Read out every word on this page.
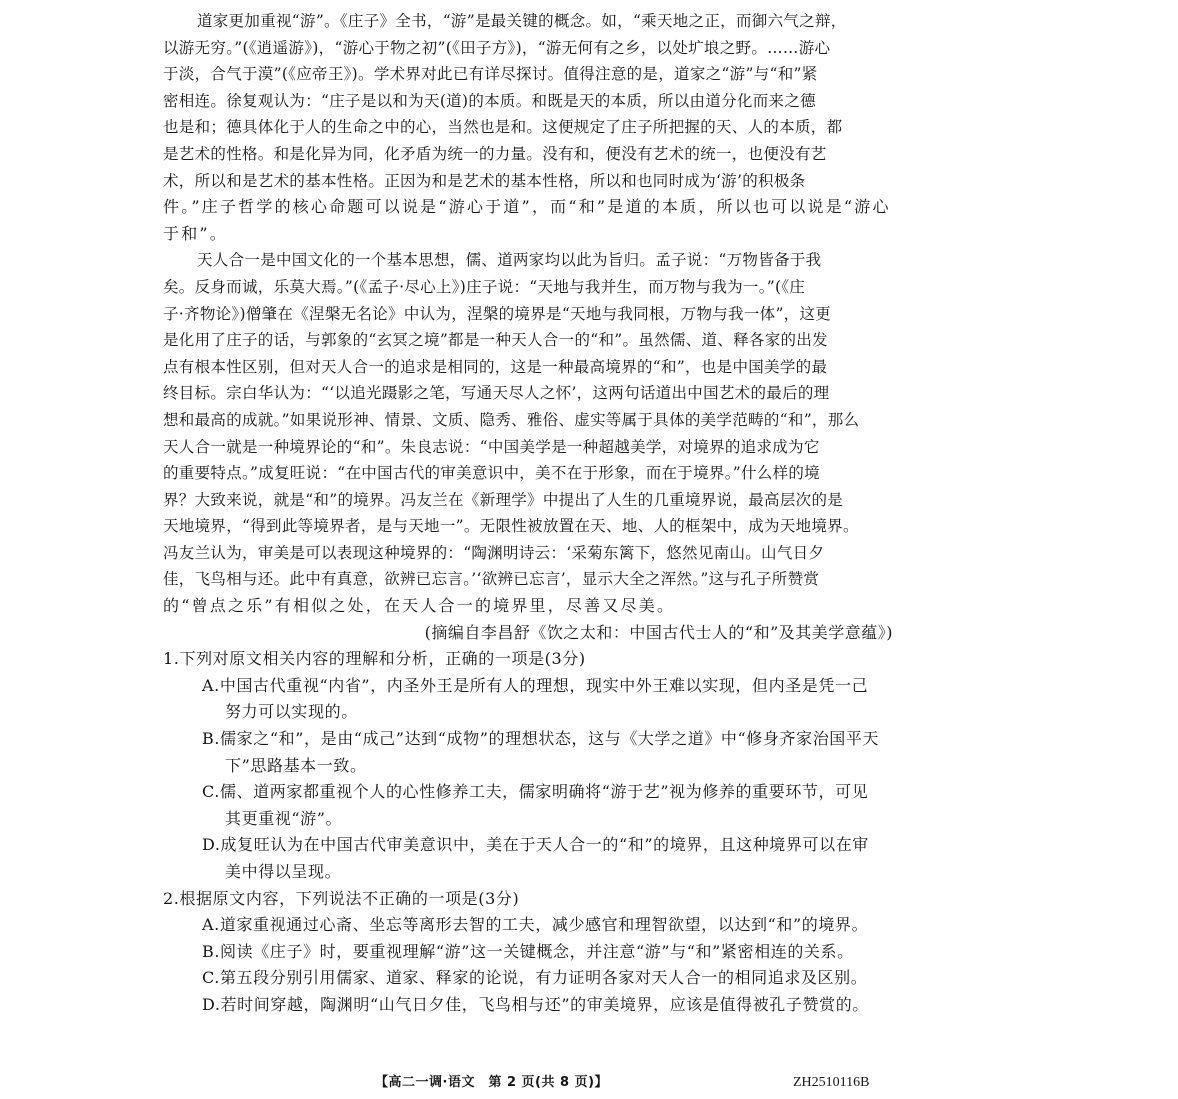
道家更加重视“游”。《庄子》全书，“游”是最关键的概念。如，“乘天地之正，而御六气之辩，
以游无穷。”(《逍遥游》)，“游心于物之初”(《田子方》)，“游无何有之乡，以处圹埌之野。……游心
于淡，合气于漠”(《应帝王》)。学术界对此已有详尽探讨。值得注意的是，道家之“游”与“和”紧
密相连。徐复观认为：“庄子是以和为天(道)的本质。和既是天的本质，所以由道分化而来之德
也是和；德具体化于人的生命之中的心，当然也是和。这便规定了庄子所把握的天、人的本质，都
是艺术的性格。和是化异为同，化矛盾为统一的力量。没有和，便没有艺术的统一，也便没有艺
术，所以和是艺术的基本性格。正因为和是艺术的基本性格，所以和也同时成为‘游’的积极条
件。”庄子哲学的核心命题可以说是“游心于道”，而“和”是道的本质，所以也可以说是“游心
于和”。
天人合一是中国文化的一个基本思想，儒、道两家均以此为旨归。孟子说：“万物皆备于我
矣。反身而诚，乐莫大焉。”(《孟子·尽心上》)庄子说：“天地与我并生，而万物与我为一。”(《庄
子·齐物论》)僧肇在《涅槃无名论》中认为，涅槃的境界是“天地与我同根，万物与我一体”，这更
是化用了庄子的话，与郭象的“玄冥之境”都是一种天人合一的“和”。虽然儒、道、释各家的出发
点有根本性区别，但对天人合一的追求是相同的，这是一种最高境界的“和”，也是中国美学的最
终目标。宗白华认为：“‘以追光蹑影之笔，写通天尽人之怀’，这两句话道出中国艺术的最后的理
想和最高的成就。”如果说形神、情景、文质、隐秀、雅俗、虚实等属于具体的美学范畴的“和”，那么
天人合一就是一种境界论的“和”。朱良志说：“中国美学是一种超越美学，对境界的追求成为它
的重要特点。”成复旺说：“在中国古代的审美意识中，美不在于形象，而在于境界。”什么样的境
界？大致来说，就是“和”的境界。冯友兰在《新理学》中提出了人生的几重境界说，最高层次的是
天地境界，“得到此等境界者，是与天地一”。无限性被放置在天、地、人的框架中，成为天地境界。
冯友兰认为，审美是可以表现这种境界的：“陶渊明诗云：‘采菊东篱下，悠然见南山。山气日夕
佳，飞鸟相与还。此中有真意，欲辨已忘言。’‘欲辨已忘言’，显示大全之浑然。”这与孔子所赞赏
的“曾点之乐”有相似之处，在天人合一的境界里，尽善又尽美。
(摘编自李昌舒《饮之太和：中国古代士人的“和”及其美学意蕴》)
1.下列对原文相关内容的理解和分析，正确的一项是(3分)
A.中国古代重视“内省”，内圣外王是所有人的理想，现实中外王难以实现，但内圣是凭一己
努力可以实现的。
B.儒家之“和”，是由“成己”达到“成物”的理想状态，这与《大学之道》中“修身齐家治国平天
下”思路基本一致。
C.儒、道两家都重视个人的心性修养工夫，儒家明确将“游于艺”视为修养的重要环节，可见
其更重视“游”。
D.成复旺认为在中国古代审美意识中，美在于天人合一的“和”的境界，且这种境界可以在审
美中得以呈现。
2.根据原文内容，下列说法不正确的一项是(3分)
A.道家重视通过心斋、坐忘等离形去智的工夫，减少感官和理智欲望，以达到“和”的境界。
B.阅读《庄子》时，要重视理解“游”这一关键概念，并注意“游”与“和”紧密相连的关系。
C.第五段分别引用儒家、道家、释家的论说，有力证明各家对天人合一的相同追求及区别。
D.若时间穿越，陶渊明“山气日夕佳，飞鸟相与还”的审美境界，应该是值得被孔子赞赏的。
【高二一调·语文　第 2 页(共 8 页)】	ZH2510116B
